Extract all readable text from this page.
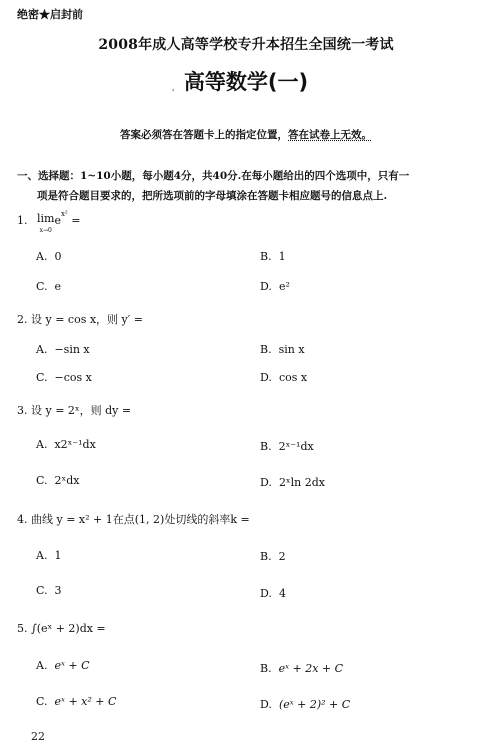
绝密★启封前
2008年成人高等学校专升本招生全国统一考试
高等数学(一)
'
答案必须答在答题卡上的指定位置，答在试卷上无效。
一、选择题：1~10小题，每小题4分，共40分.在每小题给出的四个选项中，只有一
项是符合题目要求的，把所选项前的字母填涂在答题卡相应题号的信息点上.
1. lim
$x\to 0e^{x^2}$ =
A. 0	B. 1
C. e	D. e²
2. 设 y = cos x，则 y′ =
A. −sin x	B. sin x
C. −cos x	D. cos x
3. 设 y = 2ˣ，则 dy =
A. x2ˣ⁻¹dx	B. 2ˣ⁻¹dx
C. 2ˣdx	D. 2ˣln 2dx
4. 曲线 y = x² + 1在点(1, 2)处切线的斜率k =
A. 1	B. 2
C. 3	D. 4
5. ∫(eˣ + 2)dx =
A. eˣ + C	B. eˣ + 2x + C
C. eˣ + x² + C	D. (eˣ + 2)² + C
22
